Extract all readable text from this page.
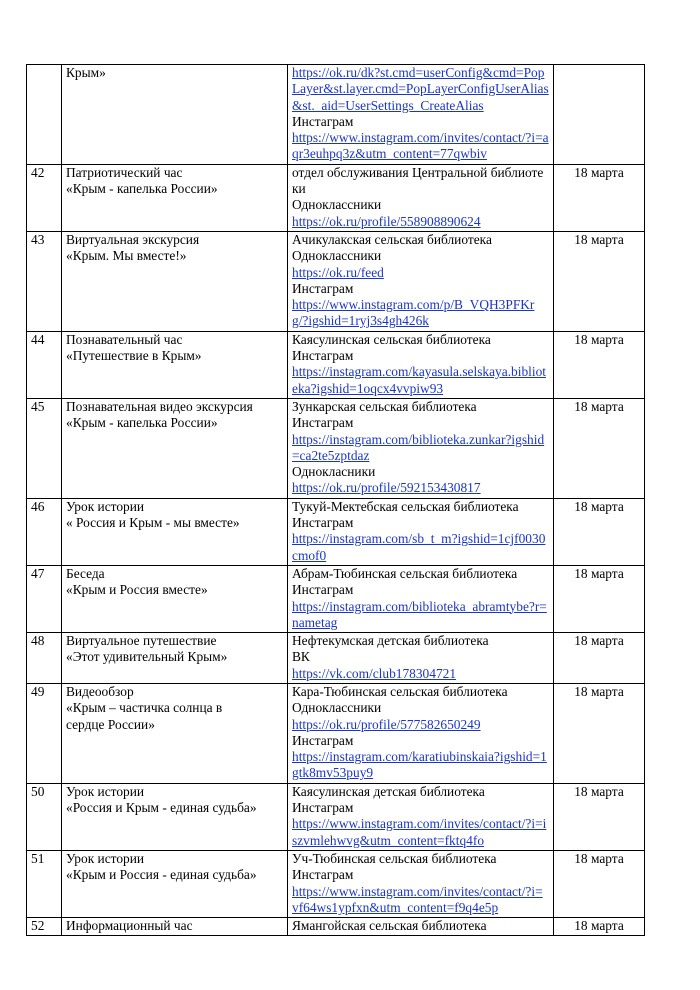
	Крым»	https://ok.ru/dk?st.cmd=userConfig&cmd=PopLayer&st.layer.cmd=PopLayerConfigUserAlias&st._aid=UserSettings_CreateAlias
Инстаграм
https://www.instagram.com/invites/contact/?i=aqr3euhpq3z&utm_content=77qwbiv	

42	Патриотический час
«Крым - капелька России»	отдел обслуживания Центральной библиотеки
Одноклассники
https://ok.ru/profile/558908890624	18 марта
43	Виртуальная экскурсия
«Крым. Мы вместе!»	Ачикулакская сельская библиотека
Одноклассники
https://ok.ru/feed
Инстаграм
https://www.instagram.com/p/B_VQH3PFKrg/?igshid=1ryj3s4gh426k	18 марта
44	Познавательный час
«Путешествие в Крым»	Каясулинская сельская библиотека
Инстаграм
https://instagram.com/kayasula.selskaya.biblioteka?igshid=1oqcx4vvpiw93	18 марта
45	Познавательная видео экскурсия
«Крым - капелька России»	Зункарская сельская библиотека
Инстаграм
https://instagram.com/biblioteka.zunkar?igshid=ca2te5zptdaz
Однокласники
https://ok.ru/profile/592153430817	18 марта
46	Урок истории
« Россия и Крым - мы вместе»	Тукуй-Мектебская сельская библиотека
Инстаграм
https://instagram.com/sb_t_m?igshid=1cjf0030cmof0	18 марта
47	Беседа
«Крым и Россия вместе»	Абрам-Тюбинская сельская библиотека
Инстаграм
https://instagram.com/biblioteka_abramtybe?r=nametag	18 марта
48	Виртуальное путешествие
«Этот удивительный Крым»	Нефтекумская детская библиотека
ВК
https://vk.com/club178304721	18 марта
49	Видеообзор
«Крым – частичка солнца в
сердце России»	Кара-Тюбинская сельская библиотека
Одноклассники
https://ok.ru/profile/577582650249
Инстаграм
https://instagram.com/karatiubinskaia?igshid=1gtk8mv53puy9	18 марта
50	Урок истории
«Россия и Крым - единая судьба»	Каясулинская детская библиотека
Инстаграм
https://www.instagram.com/invites/contact/?i=iszvmlehwvg&utm_content=fktq4fo	18 марта
51	Урок истории
«Крым и Россия - единая судьба»	Уч-Тюбинская сельская библиотека
Инстаграм
https://www.instagram.com/invites/contact/?i=vf64ws1ypfxn&utm_content=f9q4e5p	18 марта
52	Информационный час	Ямангойская сельская библиотека	18 марта
